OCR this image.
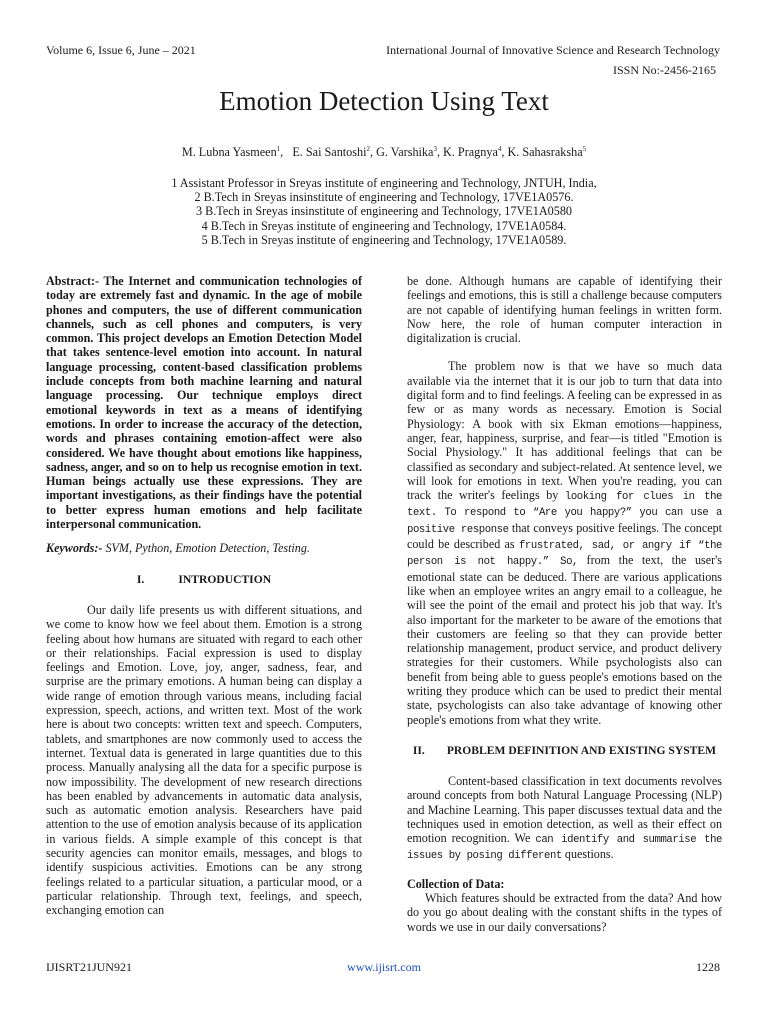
Volume 6, Issue 6, June – 2021	International Journal of Innovative Science and Research Technology
ISSN No:-2456-2165
Emotion Detection Using Text
M. Lubna Yasmeen$^1$,   E. Sai Santoshi$^2$, G. Varshika$^3$, K. Pragnya$^4$, K. Sahasraksha$^5$
1 Assistant Professor in Sreyas institute of engineering and Technology, JNTUH, India,
2 B.Tech in Sreyas insinstitute of engineering and Technology, 17VE1A0576.
3 B.Tech in Sreyas insinstitute of engineering and Technology, 17VE1A0580
4 B.Tech in Sreyas institute of engineering and Technology, 17VE1A0584.
5 B.Tech in Sreyas institute of engineering and Technology, 17VE1A0589.

Abstract:- The Internet and communication technologies of today are extremely fast and dynamic. In the age of mobile phones and computers, the use of different communication channels, such as cell phones and computers, is very common. This project develops an Emotion Detection Model that takes sentence-level emotion into account. In natural language processing, content-based classification problems include concepts from both machine learning and natural language processing. Our technique employs direct emotional keywords in text as a means of identifying emotions. In order to increase the accuracy of the detection, words and phrases containing emotion-affect were also considered. We have thought about emotions like happiness, sadness, anger, and so on to help us recognise emotion in text. Human beings actually use these expressions. They are important investigations, as their findings have the potential to better express human emotions and help facilitate interpersonal communication.

Keywords:- SVM, Python, Emotion Detection, Testing.

I.	INTRODUCTION

Our daily life presents us with different situations, and we come to know how we feel about them. Emotion is a strong feeling about how humans are situated with regard to each other or their relationships. Facial expression is used to display feelings and Emotion. Love, joy, anger, sadness, fear, and surprise are the primary emotions. A human being can display a wide range of emotion through various means, including facial expression, speech, actions, and written text. Most of the work here is about two concepts: written text and speech. Computers, tablets, and smartphones are now commonly used to access the internet. Textual data is generated in large quantities due to this process. Manually analysing all the data for a specific purpose is now impossibility. The development of new research directions has been enabled by advancements in automatic data analysis, such as automatic emotion analysis. Researchers have paid attention to the use of emotion analysis because of its application in various fields. A simple example of this concept is that security agencies can monitor emails, messages, and blogs to identify suspicious activities. Emotions can be any strong feelings related to a particular situation, a particular mood, or a particular relationship. Through text, feelings, and speech, exchanging emotion can

be done. Although humans are capable of identifying their feelings and emotions, this is still a challenge because computers are not capable of identifying human feelings in written form. Now here, the role of human computer interaction in digitalization is crucial.

The problem now is that we have so much data available via the internet that it is our job to turn that data into digital form and to find feelings. A feeling can be expressed in as few or as many words as necessary. Emotion is Social Physiology: A book with six Ekman emotions—happiness, anger, fear, happiness, surprise, and fear—is titled "Emotion is Social Physiology." It has additional feelings that can be classified as secondary and subject-related. At sentence level, we will look for emotions in text. When you're reading, you can track the writer's feelings by looking for clues in the text. To respond to “Are you happy?” you can use a positive response that conveys positive feelings. The concept could be described as frustrated, sad, or angry if “the person is not happy.” So, from the text, the user's emotional state can be deduced. There are various applications like when an employee writes an angry email to a colleague, he will see the point of the email and protect his job that way. It's also important for the marketer to be aware of the emotions that their customers are feeling so that they can provide better relationship management, product service, and product delivery strategies for their customers. While psychologists also can benefit from being able to guess people's emotions based on the writing they produce which can be used to predict their mental state, psychologists can also take advantage of knowing other people's emotions from what they write.

II. PROBLEM DEFINITION AND EXISTING SYSTEM

Content-based classification in text documents revolves around concepts from both Natural Language Processing (NLP) and Machine Learning. This paper discusses textual data and the techniques used in emotion detection, as well as their effect on emotion recognition. We can identify and summarise the issues by posing different questions.

Collection of Data:

Which features should be extracted from the data? And how do you go about dealing with the constant shifts in the types of words we use in our daily conversations?

IJISRT21JUN921	www.ijisrt.com	1228
